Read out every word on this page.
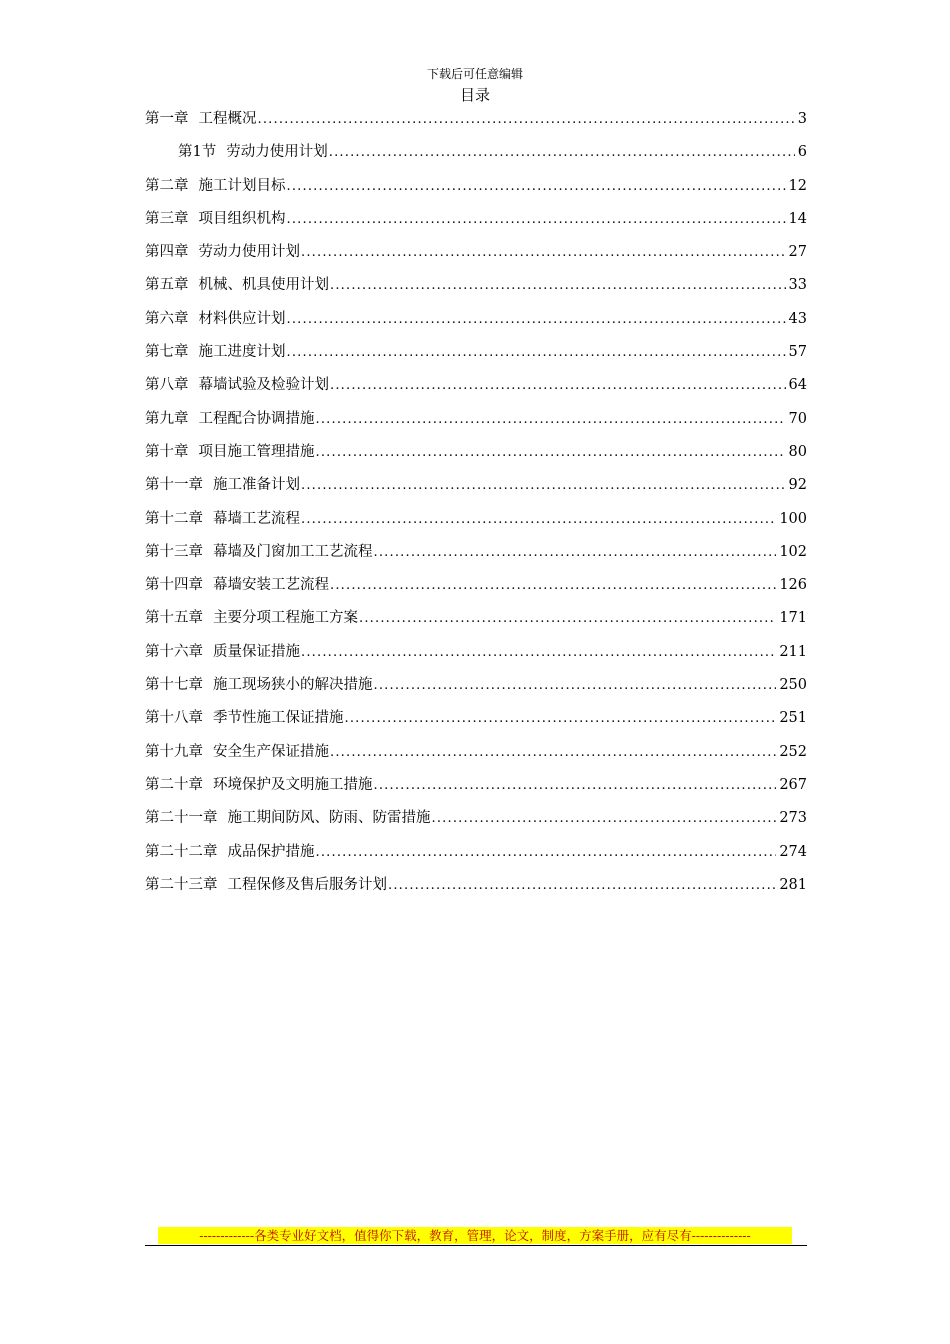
下载后可任意编辑
目录
第一章 工程概况 .....	3
第1节 劳动力使用计划 .....	6
第二章 施工计划目标 .....	12
第三章 项目组织机构 .....	14
第四章 劳动力使用计划 .....	27
第五章 机械、机具使用计划 .....	33
第六章 材料供应计划 .....	43
第七章 施工进度计划 .....	57
第八章 幕墙试验及检验计划 .....	64
第九章 工程配合协调措施 .....	70
第十章 项目施工管理措施 .....	80
第十一章 施工准备计划 .....	92
第十二章 幕墙工艺流程 .....	100
第十三章 幕墙及门窗加工工艺流程 .....	102
第十四章 幕墙安装工艺流程 .....	126
第十五章 主要分项工程施工方案 .....	171
第十六章 质量保证措施 .....	211
第十七章 施工现场狭小的解决措施 .....	250
第十八章 季节性施工保证措施 .....	251
第十九章 安全生产保证措施 .....	252
第二十章 环境保护及文明施工措施 .....	267
第二十一章 施工期间防风、防雨、防雷措施 .....	273
第二十二章 成品保护措施 .....	274
第二十三章 工程保修及售后服务计划 .....	281
-------------各类专业好文档，值得你下载，教育，管理，论文，制度，方案手册，应有尽有--------------
